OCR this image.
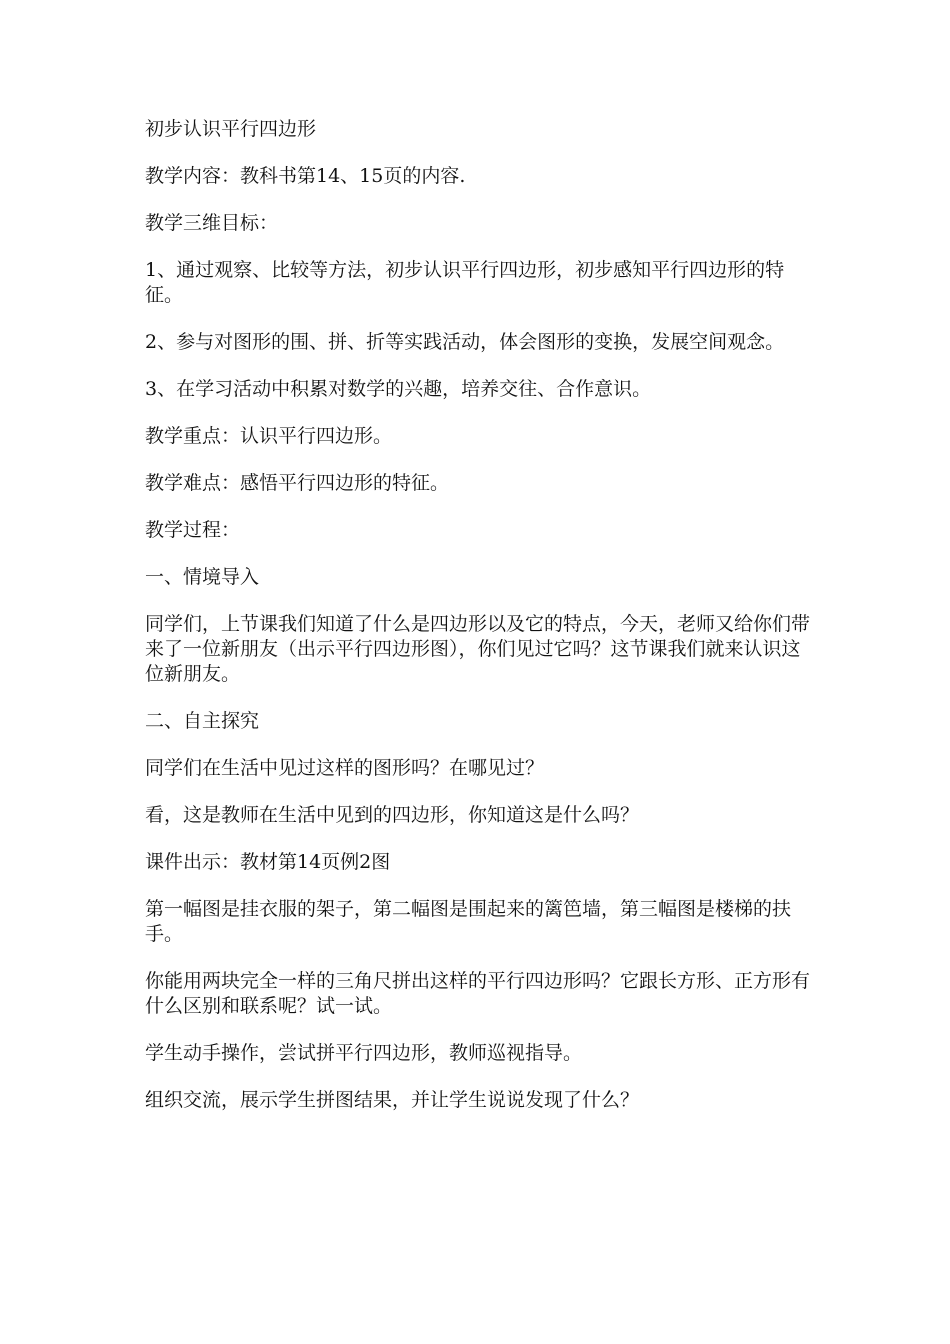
初步认识平行四边形

教学内容：教科书第14、15页的内容.

教学三维目标：

1、通过观察、比较等方法，初步认识平行四边形，初步感知平行四边形的特征。

2、参与对图形的围、拼、折等实践活动，体会图形的变换，发展空间观念。

3、在学习活动中积累对数学的兴趣，培养交往、合作意识。

教学重点：认识平行四边形。

教学难点：感悟平行四边形的特征。

教学过程：

一、情境导入

同学们，上节课我们知道了什么是四边形以及它的特点，今天，老师又给你们带来了一位新朋友（出示平行四边形图），你们见过它吗？这节课我们就来认识这位新朋友。

二、自主探究

同学们在生活中见过这样的图形吗？在哪见过？

看，这是教师在生活中见到的四边形，你知道这是什么吗？

课件出示：教材第14页例2图

第一幅图是挂衣服的架子，第二幅图是围起来的篱笆墙，第三幅图是楼梯的扶手。

你能用两块完全一样的三角尺拼出这样的平行四边形吗？它跟长方形、正方形有什么区别和联系呢？试一试。

学生动手操作，尝试拼平行四边形，教师巡视指导。

组织交流，展示学生拼图结果，并让学生说说发现了什么？
